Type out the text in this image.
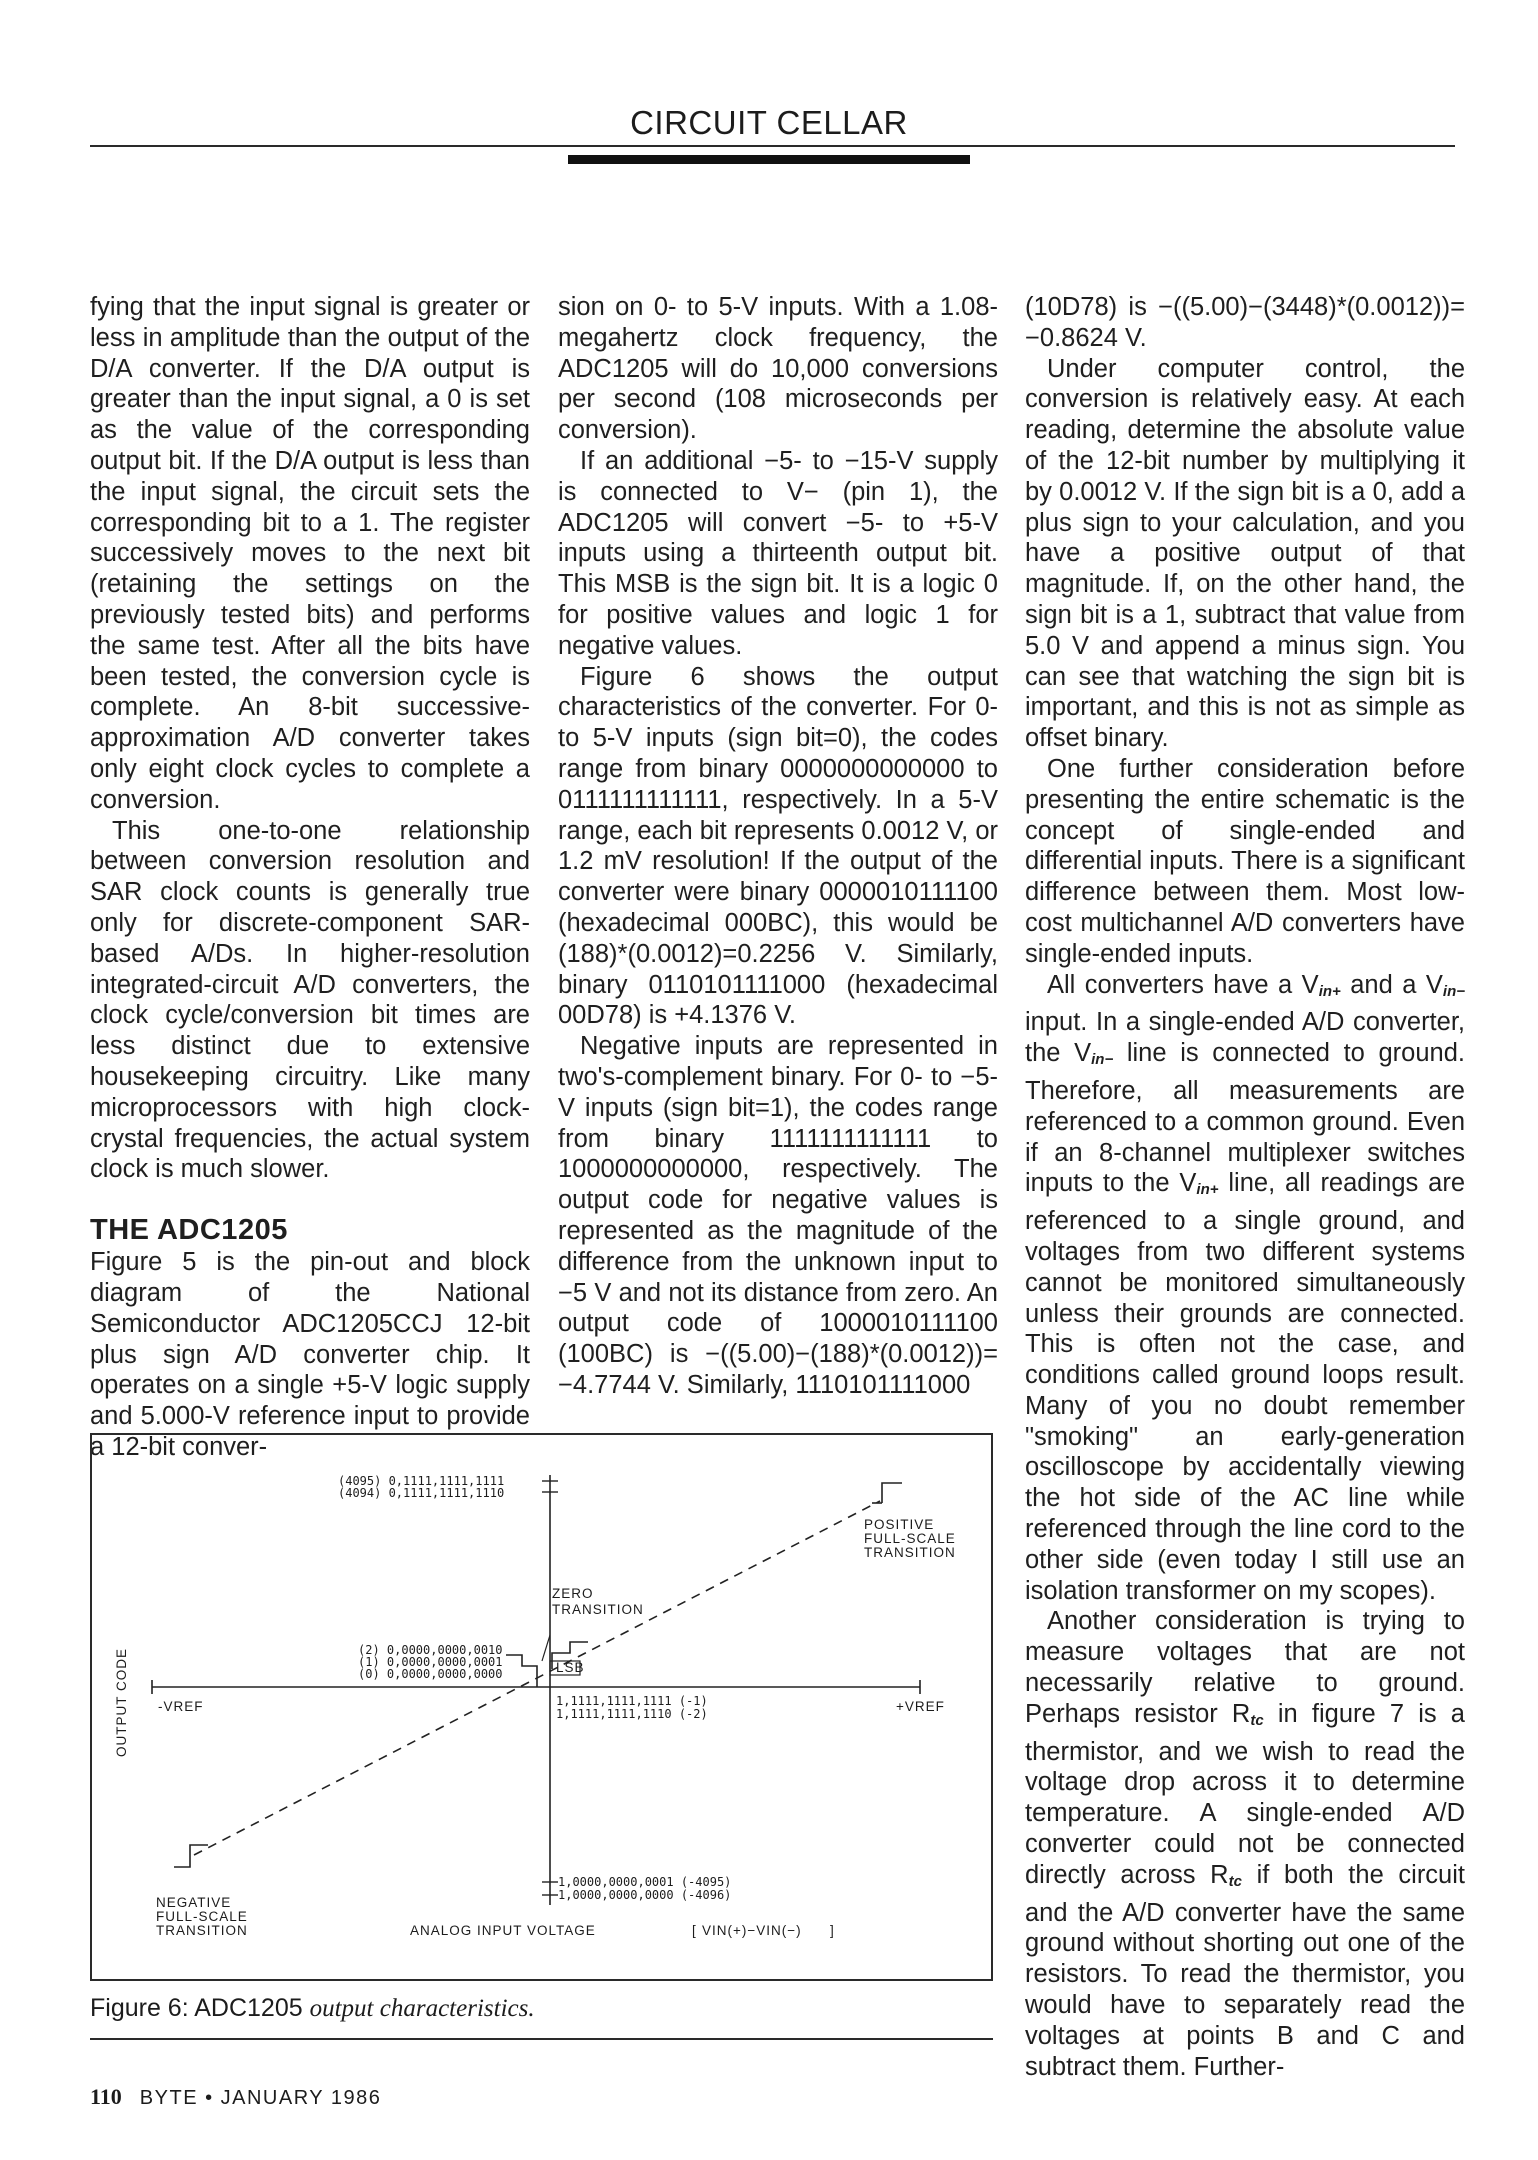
CIRCUIT CELLAR

fying that the input signal is greater or less in amplitude than the output of the D/A converter. If the D/A output is greater than the input signal, a 0 is set as the value of the corresponding output bit. If the D/A output is less than the input signal, the circuit sets the corresponding bit to a 1. The register successively moves to the next bit (retaining the settings on the previously tested bits) and performs the same test. After all the bits have been tested, the conversion cycle is complete. An 8-bit successive-approximation A/D converter takes only eight clock cycles to complete a conversion.

This one-to-one relationship between conversion resolution and SAR clock counts is generally true only for discrete-component SAR-based A/Ds. In higher-resolution integrated-circuit A/D converters, the clock cycle/conversion bit times are less distinct due to extensive housekeeping circuitry. Like many microprocessors with high clock-crystal frequencies, the actual system clock is much slower.

THE ADC1205

Figure 5 is the pin-out and block diagram of the National Semiconductor ADC1205CCJ 12-bit plus sign A/D converter chip. It operates on a single +5-V logic supply and 5.000-V reference input to provide a 12-bit conver-

sion on 0- to 5-V inputs. With a 1.08-megahertz clock frequency, the ADC1205 will do 10,000 conversions per second (108 microseconds per conversion).

If an additional −5- to −15-V supply is connected to V− (pin 1), the ADC1205 will convert −5- to +5-V inputs using a thirteenth output bit. This MSB is the sign bit. It is a logic 0 for positive values and logic 1 for negative values.

Figure 6 shows the output characteristics of the converter. For 0- to 5-V inputs (sign bit=0), the codes range from binary 0000000000000 to 0111111111111, respectively. In a 5-V range, each bit represents 0.0012 V, or 1.2 mV resolution! If the output of the converter were binary 0000010111100 (hexadecimal 000BC), this would be (188)*(0.0012)=0.2256 V. Similarly, binary 0110101111000 (hexadecimal 00D78) is +4.1376 V.

Negative inputs are represented in two's-complement binary. For 0- to −5-V inputs (sign bit=1), the codes range from binary 1111111111111 to 1000000000000, respectively. The output code for negative values is represented as the magnitude of the difference from the unknown input to −5 V and not its distance from zero. An output code of 1000010111100 (100BC) is −((5.00)−(188)*(0.0012))= −4.7744 V. Similarly, 1110101111000

(10D78) is −((5.00)−(3448)*(0.0012))= −0.8624 V.

Under computer control, the conversion is relatively easy. At each reading, determine the absolute value of the 12-bit number by multiplying it by 0.0012 V. If the sign bit is a 0, add a plus sign to your calculation, and you have a positive output of that magnitude. If, on the other hand, the sign bit is a 1, subtract that value from 5.0 V and append a minus sign. You can see that watching the sign bit is important, and this is not as simple as offset binary.

One further consideration before presenting the entire schematic is the concept of single-ended and differential inputs. There is a significant difference between them. Most low-cost multichannel A/D converters have single-ended inputs.

All converters have a $V_{in+}$ and a $V_{in-}$ input. In a single-ended A/D converter, the $V_{in-}$ line is connected to ground. Therefore, all measurements are referenced to a common ground. Even if an 8-channel multiplexer switches inputs to the $V_{in+}$ line, all readings are referenced to a single ground, and voltages from two different systems cannot be monitored simultaneously unless their grounds are connected. This is often not the case, and conditions called ground loops result. Many of you no doubt remember "smoking" an early-generation oscilloscope by accidentally viewing the hot side of the AC line while referenced through the line cord to the other side (even today I still use an isolation transformer on my scopes).

Another consideration is trying to measure voltages that are not necessarily relative to ground. Perhaps resistor $R_{tc}$ in figure 7 is a thermistor, and we wish to read the voltage drop across it to determine temperature. A single-ended A/D converter could not be connected directly across $R_{tc}$ if both the circuit and the A/D converter have the same ground without shorting out one of the resistors. To read the thermistor, you would have to separately read the voltages at points B and C and subtract them. Further-

OUTPUT CODE -VREF	+VREF
(4095) 0,1111,1111,1111
(4094) 0,1111,1111,1110
(2) 0,0000,0000,0010
(1) 0,0000,0000,0001
(0) 0,0000,0000,0000
1,1111,1111,1111 (-1)
1,1111,1111,1110 (-2)
1,0000,0000,0001 (-4095)
1,0000,0000,0000 (-4096)
ZERO
TRANSITION
LSB
POSITIVE
FULL-SCALE
TRANSITION
NEGATIVE
FULL-SCALE
TRANSITION	ANALOG INPUT VOLTAGE	[ VIN(+)−VIN(−) ]
Figure 6: ADC1205 output characteristics.
110 BYTE • JANUARY 1986
